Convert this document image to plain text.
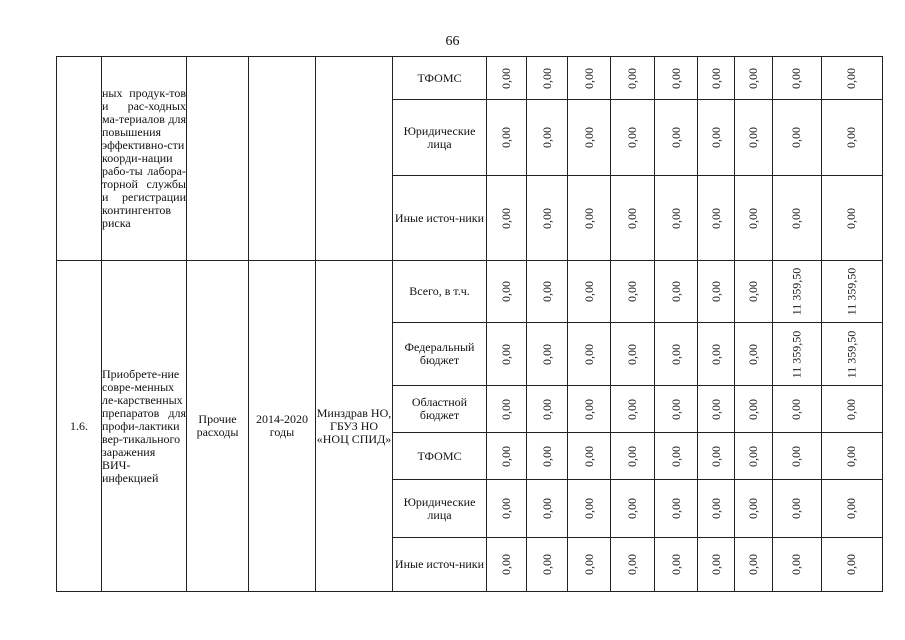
66
	ных продук-тов и рас-ходных ма-териалов для повышения эффективно-сти коорди-нации рабо-ты лабора-торной службы и регистрации контингентов риска				ТФОМС	0,00	0,00	0,00	0,00	0,00	0,00	0,00	0,00	0,00
					Юридические лица	0,00	0,00	0,00	0,00	0,00	0,00	0,00	0,00	0,00
					Иные источ-ники	0,00	0,00	0,00	0,00	0,00	0,00	0,00	0,00	0,00
1.6.	Приобрете-ние совре-менных ле-карственных препаратов для профи-лактики вер-тикального заражения ВИЧ-инфекцией	Прочие расходы	2014-2020 годы	Минздрав НО, ГБУЗ НО «НОЦ СПИД»	Всего, в т.ч.	0,00	0,00	0,00	0,00	0,00	0,00	0,00	11 359,50	11 359,50
					Федеральный бюджет	0,00	0,00	0,00	0,00	0,00	0,00	0,00	11 359,50	11 359,50
					Областной бюджет	0,00	0,00	0,00	0,00	0,00	0,00	0,00	0,00	0,00
					ТФОМС	0,00	0,00	0,00	0,00	0,00	0,00	0,00	0,00	0,00
					Юридические лица	0,00	0,00	0,00	0,00	0,00	0,00	0,00	0,00	0,00
					Иные источ-ники	0,00	0,00	0,00	0,00	0,00	0,00	0,00	0,00	0,00
